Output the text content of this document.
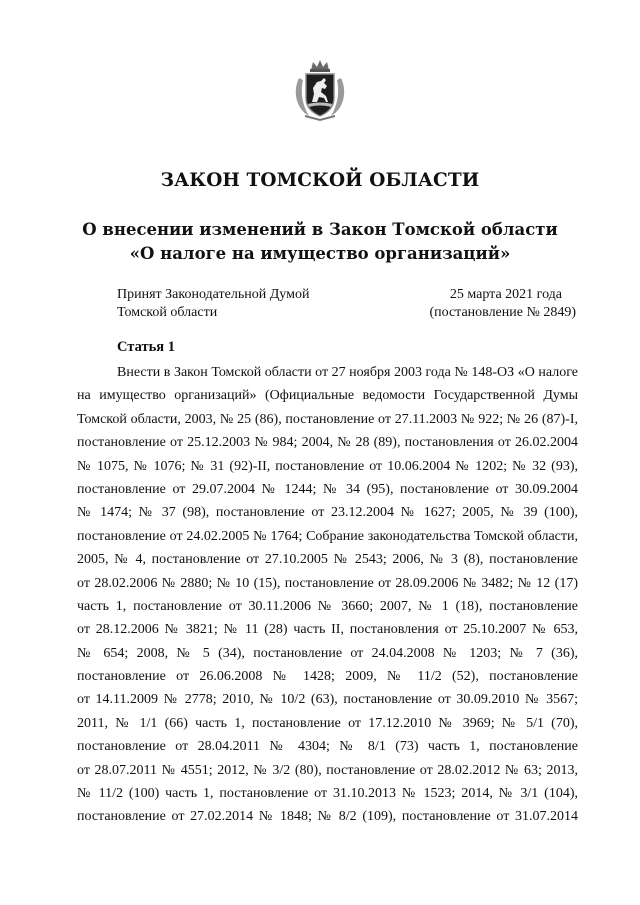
ЗАКОН ТОМСКОЙ ОБЛАСТИ
О внесении изменений в Закон Томской области
«О налоге на имущество организаций»
Принят Законодательной Думой
Томской области
25 марта 2021 года
(постановление № 2849)
Статья 1
Внести в Закон Томской области от 27 ноября 2003 года № 148-ОЗ «О налоге
на имущество организаций» (Официальные ведомости Государственной Думы
Томской области, 2003, № 25 (86), постановление от 27.11.2003 № 922; № 26 (87)-I,
постановление от 25.12.2003 № 984; 2004, № 28 (89), постановления от 26.02.2004
№ 1075, № 1076; № 31 (92)-II, постановление от 10.06.2004 № 1202; № 32 (93),
постановление от 29.07.2004 № 1244; № 34 (95), постановление от 30.09.2004
№ 1474; № 37 (98), постановление от 23.12.2004 № 1627; 2005, № 39 (100),
постановление от 24.02.2005 № 1764; Собрание законодательства Томской области,
2005, № 4, постановление от 27.10.2005 № 2543; 2006, № 3 (8), постановление
от 28.02.2006 № 2880; № 10 (15), постановление от 28.09.2006 № 3482; № 12 (17)
часть 1, постановление от 30.11.2006 № 3660; 2007, № 1 (18), постановление
от 28.12.2006 № 3821; № 11 (28) часть II, постановления от 25.10.2007 № 653,
№ 654; 2008, № 5 (34), постановление от 24.04.2008 № 1203; № 7 (36),
постановление от 26.06.2008 № 1428; 2009, № 11/2 (52), постановление
от 14.11.2009 № 2778; 2010, № 10/2 (63), постановление от 30.09.2010 № 3567;
2011, № 1/1 (66) часть 1, постановление от 17.12.2010 № 3969; № 5/1 (70),
постановление от 28.04.2011 № 4304; № 8/1 (73) часть 1, постановление
от 28.07.2011 № 4551; 2012, № 3/2 (80), постановление от 28.02.2012 № 63; 2013,
№ 11/2 (100) часть 1, постановление от 31.10.2013 № 1523; 2014, № 3/1 (104),
постановление от 27.02.2014 № 1848; № 8/2 (109), постановление от 31.07.2014
